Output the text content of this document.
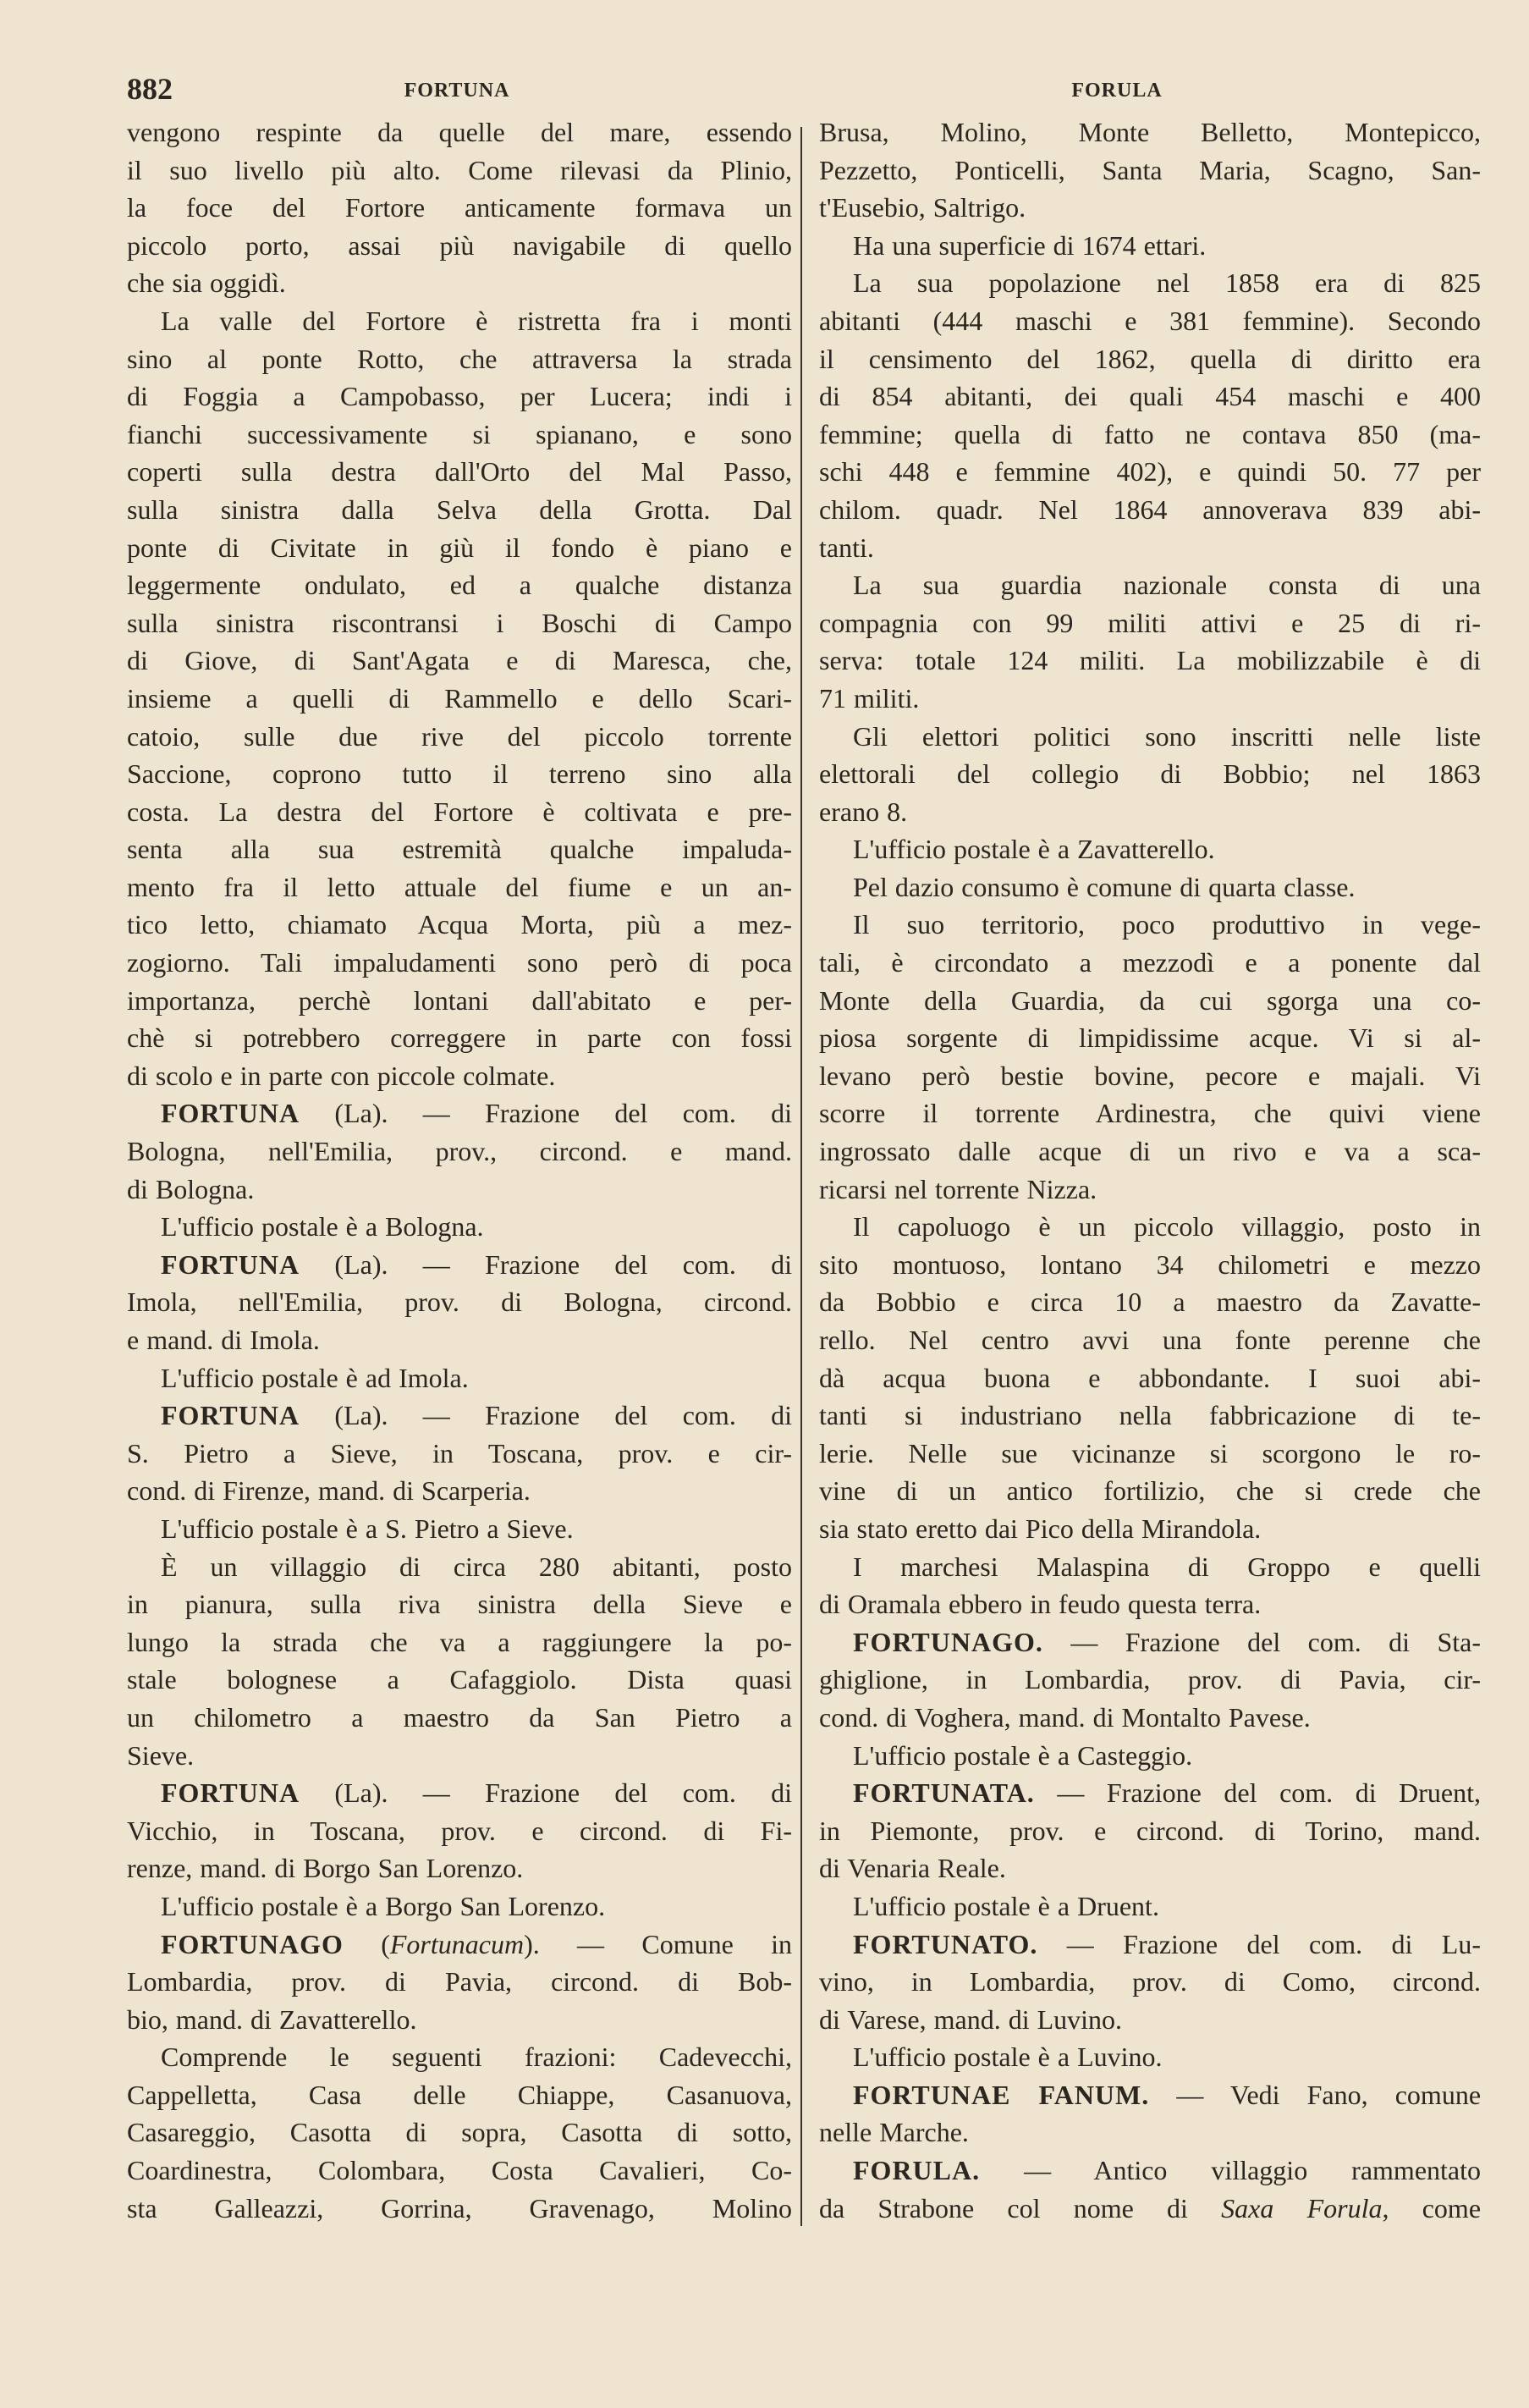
882	FORTUNA	FORULA
vengono respinte da quelle del mare, essendo
il suo livello più alto. Come rilevasi da Plinio,
la foce del Fortore anticamente formava un
piccolo porto, assai più navigabile di quello
che sia oggidì.
La valle del Fortore è ristretta fra i monti
sino al ponte Rotto, che attraversa la strada
di Foggia a Campobasso, per Lucera; indi i
fianchi successivamente si spianano, e sono
coperti sulla destra dall'Orto del Mal Passo,
sulla sinistra dalla Selva della Grotta. Dal
ponte di Civitate in giù il fondo è piano e
leggermente ondulato, ed a qualche distanza
sulla sinistra riscontransi i Boschi di Campo
di Giove, di Sant'Agata e di Maresca, che,
insieme a quelli di Rammello e dello Scari-
catoio, sulle due rive del piccolo torrente
Saccione, coprono tutto il terreno sino alla
costa. La destra del Fortore è coltivata e pre-
senta alla sua estremità qualche impaluda-
mento fra il letto attuale del fiume e un an-
tico letto, chiamato Acqua Morta, più a mez-
zogiorno. Tali impaludamenti sono però di poca
importanza, perchè lontani dall'abitato e per-
chè si potrebbero correggere in parte con fossi
di scolo e in parte con piccole colmate.
FORTUNA (La). — Frazione del com. di
Bologna, nell'Emilia, prov., circond. e mand.
di Bologna.
L'ufficio postale è a Bologna.
FORTUNA (La). — Frazione del com. di
Imola, nell'Emilia, prov. di Bologna, circond.
e mand. di Imola.
L'ufficio postale è ad Imola.
FORTUNA (La). — Frazione del com. di
S. Pietro a Sieve, in Toscana, prov. e cir-
cond. di Firenze, mand. di Scarperia.
L'ufficio postale è a S. Pietro a Sieve.
È un villaggio di circa 280 abitanti, posto
in pianura, sulla riva sinistra della Sieve e
lungo la strada che va a raggiungere la po-
stale bolognese a Cafaggiolo. Dista quasi
un chilometro a maestro da San Pietro a
Sieve.
FORTUNA (La). — Frazione del com. di
Vicchio, in Toscana, prov. e circond. di Fi-
renze, mand. di Borgo San Lorenzo.
L'ufficio postale è a Borgo San Lorenzo.
FORTUNAGO (Fortunacum). — Comune in
Lombardia, prov. di Pavia, circond. di Bob-
bio, mand. di Zavatterello.
Comprende le seguenti frazioni: Cadevecchi,
Cappelletta, Casa delle Chiappe, Casanuova,
Casareggio, Casotta di sopra, Casotta di sotto,
Coardinestra, Colombara, Costa Cavalieri, Co-
sta Galleazzi, Gorrina, Gravenago, Molino
Brusa, Molino, Monte Belletto, Montepicco,
Pezzetto, Ponticelli, Santa Maria, Scagno, San-
t'Eusebio, Saltrigo.
Ha una superficie di 1674 ettari.
La sua popolazione nel 1858 era di 825
abitanti (444 maschi e 381 femmine). Secondo
il censimento del 1862, quella di diritto era
di 854 abitanti, dei quali 454 maschi e 400
femmine; quella di fatto ne contava 850 (ma-
schi 448 e femmine 402), e quindi 50. 77 per
chilom. quadr. Nel 1864 annoverava 839 abi-
tanti.
La sua guardia nazionale consta di una
compagnia con 99 militi attivi e 25 di ri-
serva: totale 124 militi. La mobilizzabile è di
71 militi.
Gli elettori politici sono inscritti nelle liste
elettorali del collegio di Bobbio; nel 1863
erano 8.
L'ufficio postale è a Zavatterello.
Pel dazio consumo è comune di quarta classe.
Il suo territorio, poco produttivo in vege-
tali, è circondato a mezzodì e a ponente dal
Monte della Guardia, da cui sgorga una co-
piosa sorgente di limpidissime acque. Vi si al-
levano però bestie bovine, pecore e majali. Vi
scorre il torrente Ardinestra, che quivi viene
ingrossato dalle acque di un rivo e va a sca-
ricarsi nel torrente Nizza.
Il capoluogo è un piccolo villaggio, posto in
sito montuoso, lontano 34 chilometri e mezzo
da Bobbio e circa 10 a maestro da Zavatte-
rello. Nel centro avvi una fonte perenne che
dà acqua buona e abbondante. I suoi abi-
tanti si industriano nella fabbricazione di te-
lerie. Nelle sue vicinanze si scorgono le ro-
vine di un antico fortilizio, che si crede che
sia stato eretto dai Pico della Mirandola.
I marchesi Malaspina di Groppo e quelli
di Oramala ebbero in feudo questa terra.
FORTUNAGO. — Frazione del com. di Sta-
ghiglione, in Lombardia, prov. di Pavia, cir-
cond. di Voghera, mand. di Montalto Pavese.
L'ufficio postale è a Casteggio.
FORTUNATA. — Frazione del com. di Druent,
in Piemonte, prov. e circond. di Torino, mand.
di Venaria Reale.
L'ufficio postale è a Druent.
FORTUNATO. — Frazione del com. di Lu-
vino, in Lombardia, prov. di Como, circond.
di Varese, mand. di Luvino.
L'ufficio postale è a Luvino.
FORTUNAE FANUM. — Vedi Fano, comune
nelle Marche.
FORULA. — Antico villaggio rammentato
da Strabone col nome di Saxa Forula, come
